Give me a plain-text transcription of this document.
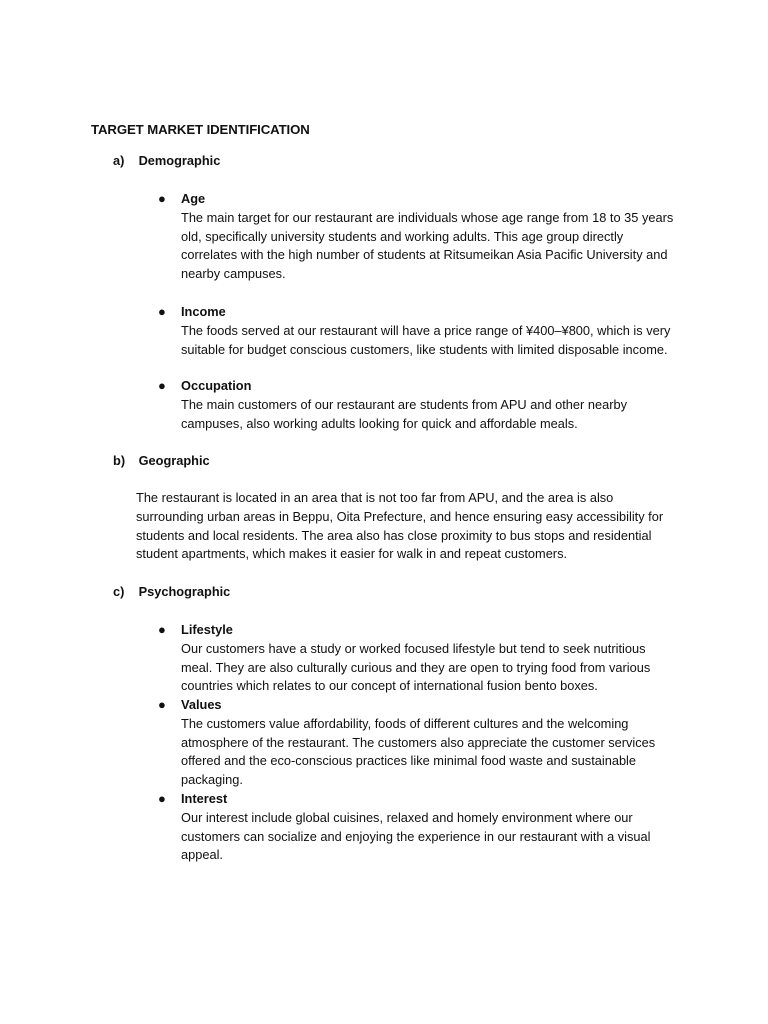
TARGET MARKET IDENTIFICATION
a) Demographic
● Age
The main target for our restaurant are individuals whose age range from 18 to 35 years old, specifically university students and working adults. This age group directly correlates with the high number of students at Ritsumeikan Asia Pacific University and nearby campuses.
● Income
The foods served at our restaurant will have a price range of ¥400–¥800, which is very suitable for budget conscious customers, like students with limited disposable income.
● Occupation
The main customers of our restaurant are students from APU and other nearby campuses, also working adults looking for quick and affordable meals.
b) Geographic
The restaurant is located in an area that is not too far from APU, and the area is also surrounding urban areas in Beppu, Oita Prefecture, and hence ensuring easy accessibility for students and local residents. The area also has close proximity to bus stops and residential student apartments, which makes it easier for walk in and repeat customers.
c) Psychographic
● Lifestyle
Our customers have a study or worked focused lifestyle but tend to seek nutritious meal. They are also culturally curious and they are open to trying food from various countries which relates to our concept of international fusion bento boxes.
● Values
The customers value affordability, foods of different cultures and the welcoming atmosphere of the restaurant. The customers also appreciate the customer services offered and the eco-conscious practices like minimal food waste and sustainable packaging.
● Interest
Our interest include global cuisines, relaxed and homely environment where our customers can socialize and enjoying the experience in our restaurant with a visual appeal.
